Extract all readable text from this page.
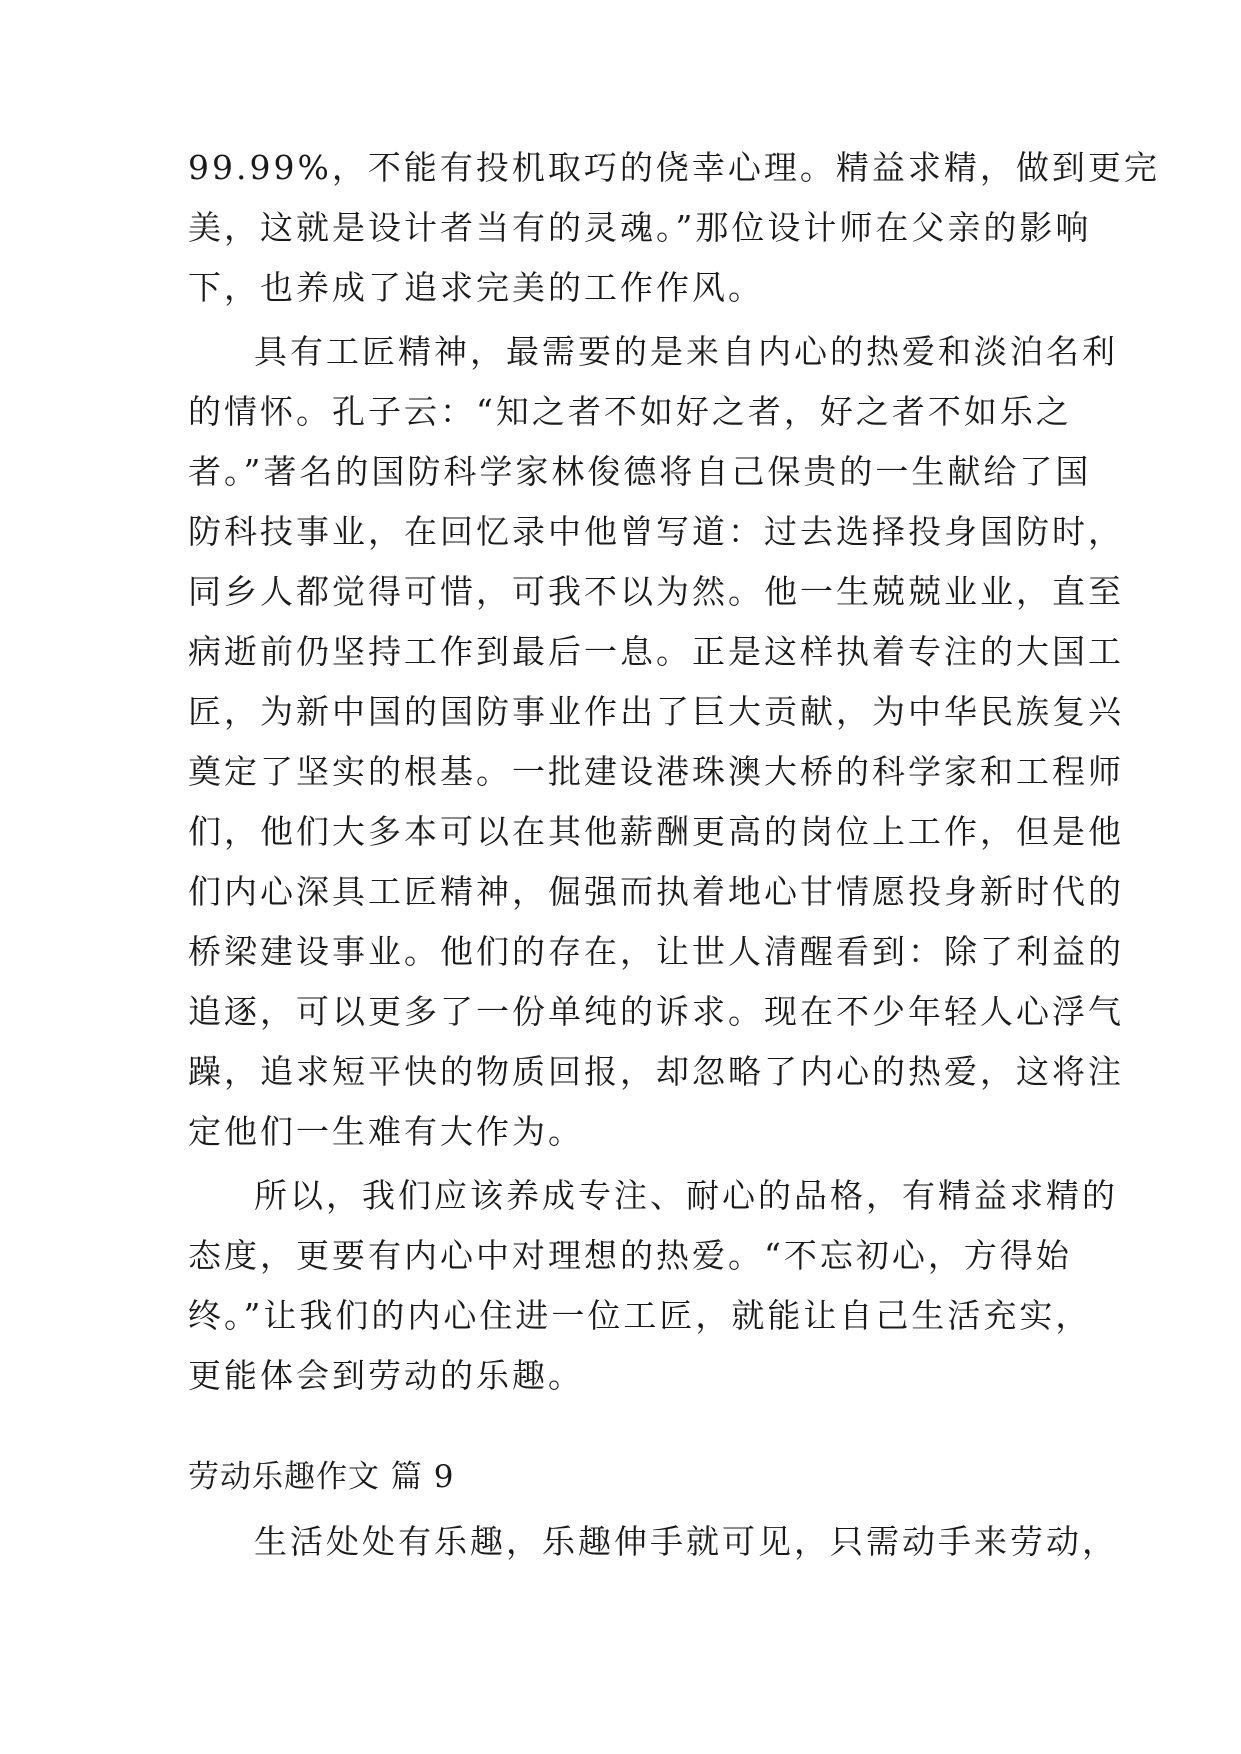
99.99%，不能有投机取巧的侥幸心理。精益求精，做到更完
美，这就是设计者当有的灵魂。”那位设计师在父亲的影响
下，也养成了追求完美的工作作风。
具有工匠精神，最需要的是来自内心的热爱和淡泊名利
的情怀。孔子云：“知之者不如好之者，好之者不如乐之
者。”著名的国防科学家林俊德将自己保贵的一生献给了国
防科技事业，在回忆录中他曾写道：过去选择投身国防时，
同乡人都觉得可惜，可我不以为然。他一生兢兢业业，直至
病逝前仍坚持工作到最后一息。正是这样执着专注的大国工
匠，为新中国的国防事业作出了巨大贡献，为中华民族复兴
奠定了坚实的根基。一批建设港珠澳大桥的科学家和工程师
们，他们大多本可以在其他薪酬更高的岗位上工作，但是他
们内心深具工匠精神，倔强而执着地心甘情愿投身新时代的
桥梁建设事业。他们的存在，让世人清醒看到：除了利益的
追逐，可以更多了一份单纯的诉求。现在不少年轻人心浮气
躁，追求短平快的物质回报，却忽略了内心的热爱，这将注
定他们一生难有大作为。
所以，我们应该养成专注、耐心的品格，有精益求精的
态度，更要有内心中对理想的热爱。“不忘初心，方得始
终。”让我们的内心住进一位工匠，就能让自己生活充实，
更能体会到劳动的乐趣。
劳动乐趣作文 篇 9
生活处处有乐趣，乐趣伸手就可见，只需动手来劳动，
